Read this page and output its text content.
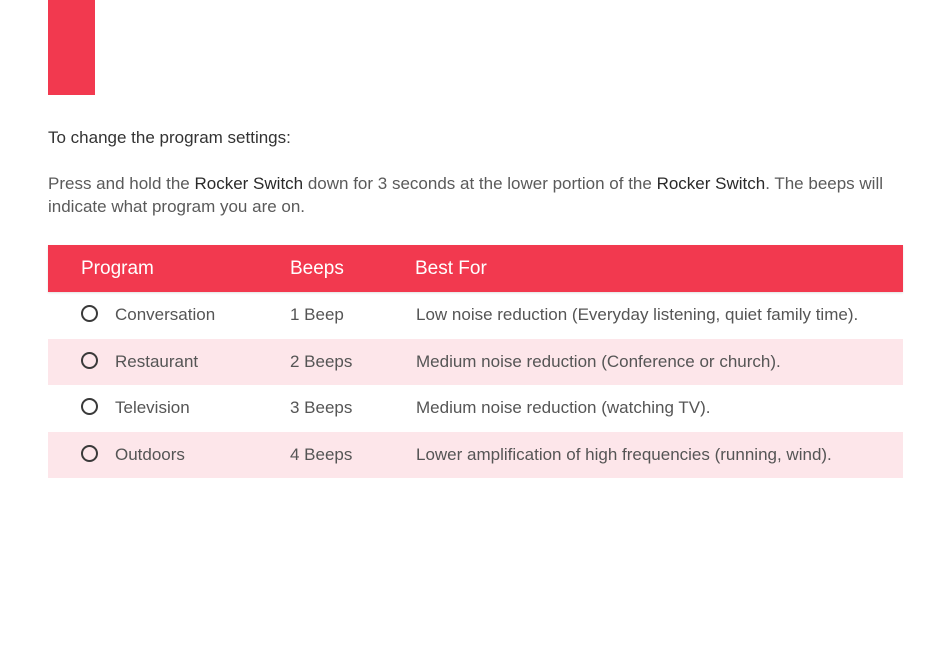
To change the program settings:

Press and hold the Rocker Switch down for 3 seconds at the lower portion of the Rocker Switch. The beeps will indicate what program you are on.

Program	Beeps	Best For
Conversation	1 Beep	Low noise reduction (Everyday listening, quiet family time).
Restaurant	2 Beeps	Medium noise reduction (Conference or church).
Television	3 Beeps	Medium noise reduction (watching TV).
Outdoors	4 Beeps	Lower amplification of high frequencies (running, wind).
